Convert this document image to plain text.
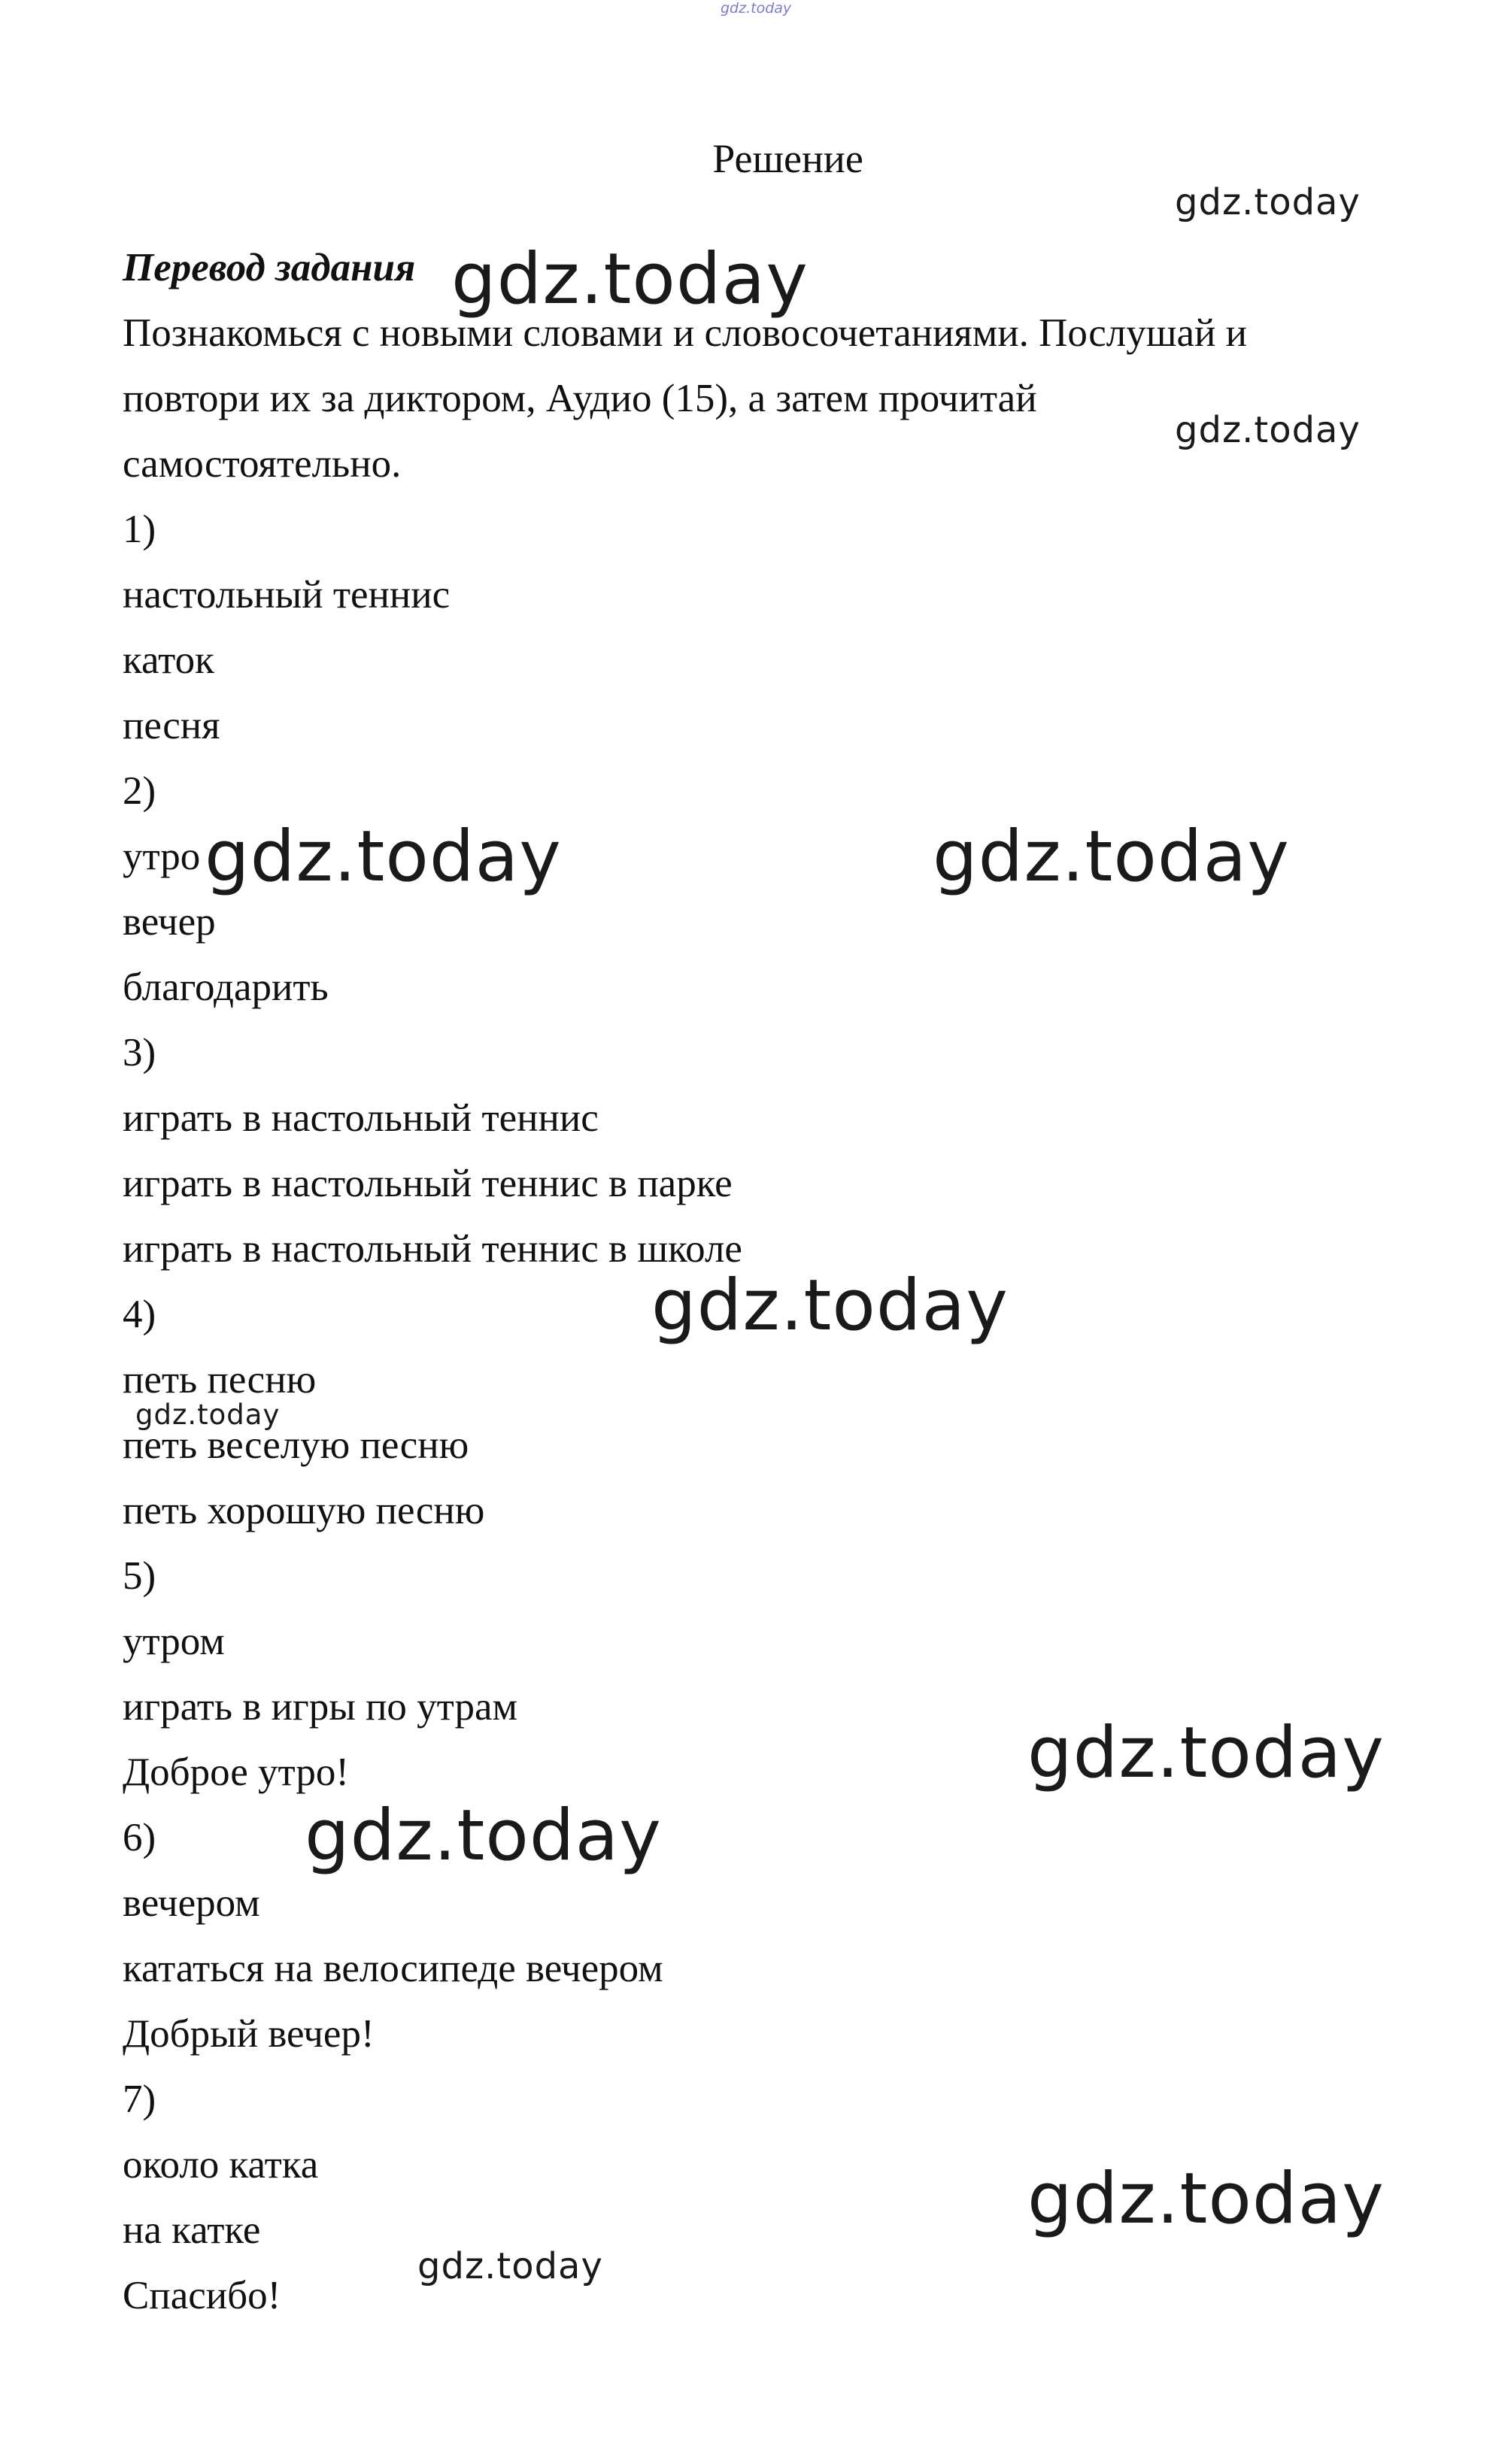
gdz.today
Решение
Перевод задания
Познакомься с новыми словами и словосочетаниями. Послушай и
повтори их за диктором, Аудио (15), а затем прочитай
самостоятельно.
1)
настольный теннис
каток
песня
2)
утро
вечер
благодарить
3)
играть в настольный теннис
играть в настольный теннис в парке
играть в настольный теннис в школе
4)
петь песню
петь веселую песню
петь хорошую песню
5)
утром
играть в игры по утрам
Доброе утро!
6)
вечером
кататься на велосипеде вечером
Добрый вечер!
7)
около катка
на катке
Спасибо!
gdz.today
gdz.today
gdz.today
gdz.today	gdz.today
gdz.today
gdz.today
gdz.today
gdz.today
gdz.today
gdz.today
